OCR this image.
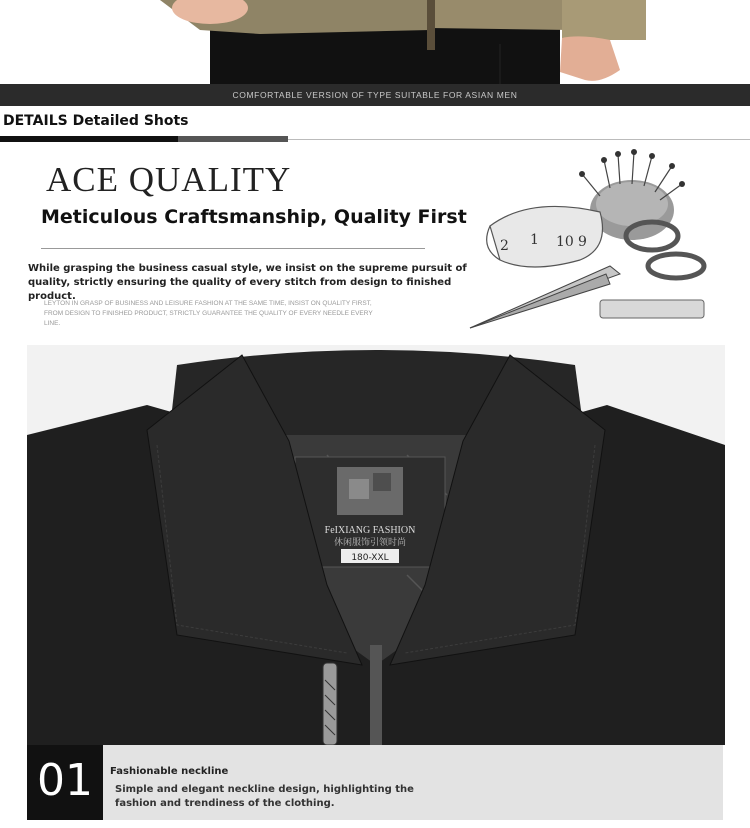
COMFORTABLE VERSION OF TYPE SUITABLE FOR ASIAN MEN
DETAILS Detailed Shots
ACE QUALITY
Meticulous Craftsmanship, Quality First
While grasping the business casual style, we insist on the supreme pursuit of quality, strictly ensuring the quality of every stitch from design to finished product.
LEYTON IN GRASP OF BUSINESS AND LEISURE FASHION AT THE SAME TIME, INSIST ON QUALITY FIRST, FROM DESIGN TO FINISHED PRODUCT, STRICTLY GUARANTEE THE QUALITY OF EVERY NEEDLE EVERY LINE.
2 1 10 9
FeIXIANG FASHION
休闲服饰引领时尚
180-XXL
01	Fashionable neckline
Simple and elegant neckline design, highlighting the fashion and trendiness of the clothing.
